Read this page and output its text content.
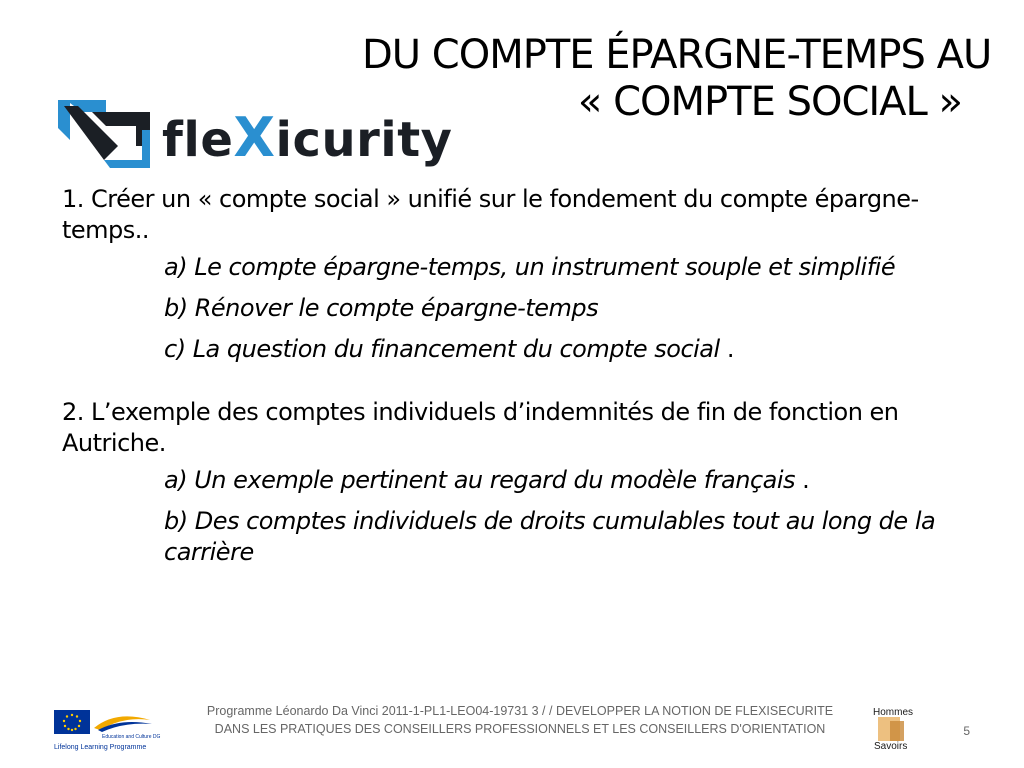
DU COMPTE ÉPARGNE-TEMPS AU
« COMPTE SOCIAL »
fleXicurity

1. Créer un « compte social » unifié sur le fondement du compte épargne-temps..

a) Le compte épargne-temps, un instrument souple et simplifié

b) Rénover le compte épargne-temps

c) La question du financement du compte social .

2. L’exemple des comptes individuels d’indemnités de fin de fonction en Autriche.

a) Un exemple pertinent au regard du modèle français .

b) Des comptes individuels de droits cumulables tout au long de la carrière

Education and Culture DG
Lifelong Learning Programme
Programme Léonardo Da Vinci 2011-1-PL1-LEO04-19731 3 / / DEVELOPPER LA NOTION DE FLEXISECURITE DANS LES PRATIQUES DES CONSEILLERS PROFESSIONNELS ET LES CONSEILLERS D'ORIENTATION
Hommes
Savoirs
5
